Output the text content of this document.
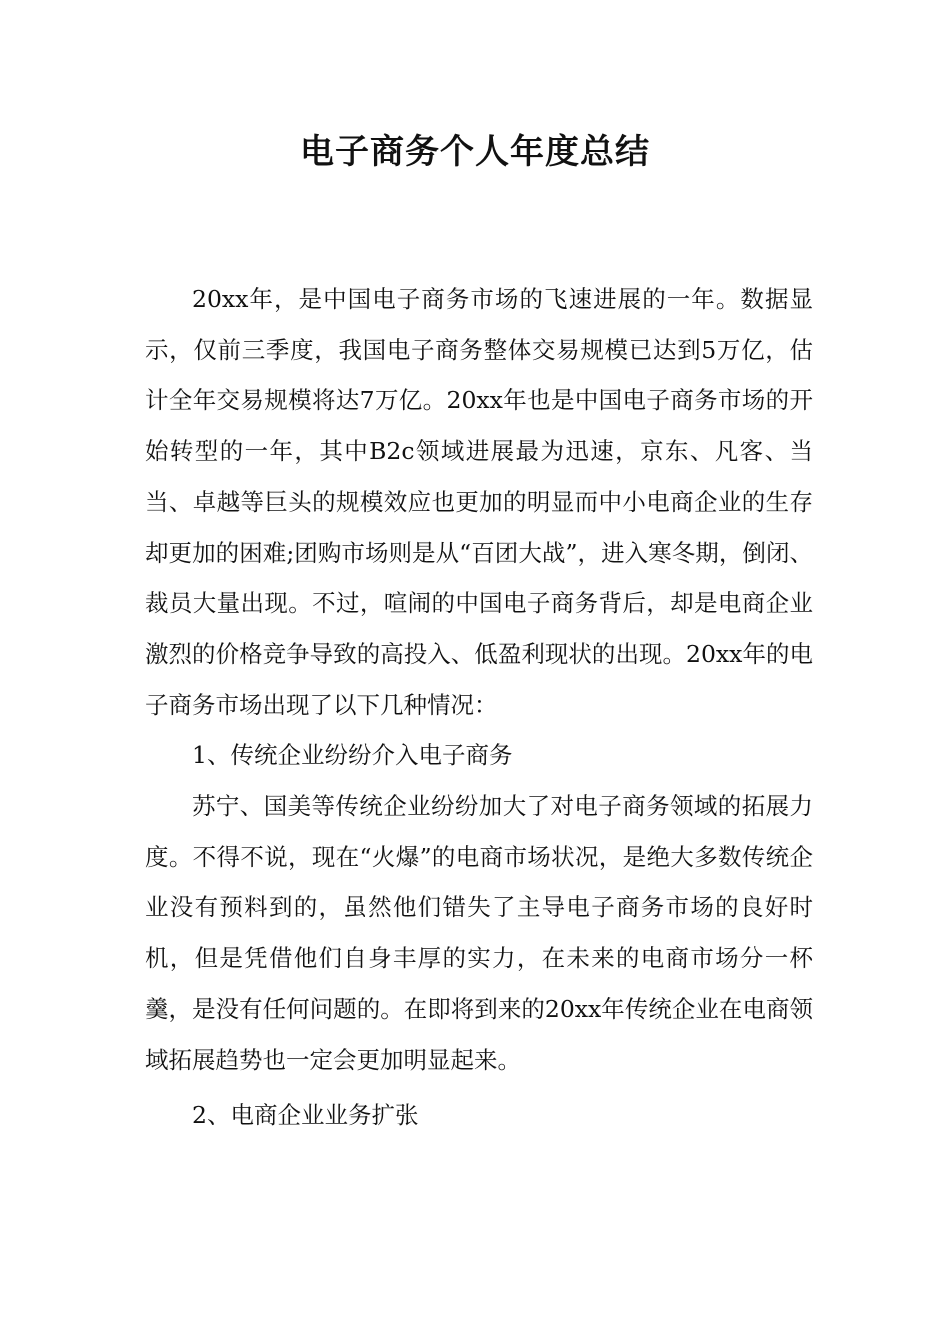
电子商务个人年度总结

20xx年，是中国电子商务市场的飞速进展的一年。数据显示，仅前三季度，我国电子商务整体交易规模已达到5万亿，估计全年交易规模将达7万亿。20xx年也是中国电子商务市场的开始转型的一年，其中B2c领域进展最为迅速，京东、凡客、当当、卓越等巨头的规模效应也更加的明显而中小电商企业的生存却更加的困难;团购市场则是从“百团大战”，进入寒冬期，倒闭、裁员大量出现。不过，喧闹的中国电子商务背后，却是电商企业激烈的价格竞争导致的高投入、低盈利现状的出现。20xx年的电子商务市场出现了以下几种情况：

1、传统企业纷纷介入电子商务

苏宁、国美等传统企业纷纷加大了对电子商务领域的拓展力度。不得不说，现在“火爆”的电商市场状况，是绝大多数传统企业没有预料到的，虽然他们错失了主导电子商务市场的良好时机，但是凭借他们自身丰厚的实力，在未来的电商市场分一杯羹，是没有任何问题的。在即将到来的20xx年传统企业在电商领域拓展趋势也一定会更加明显起来。

2、电商企业业务扩张
